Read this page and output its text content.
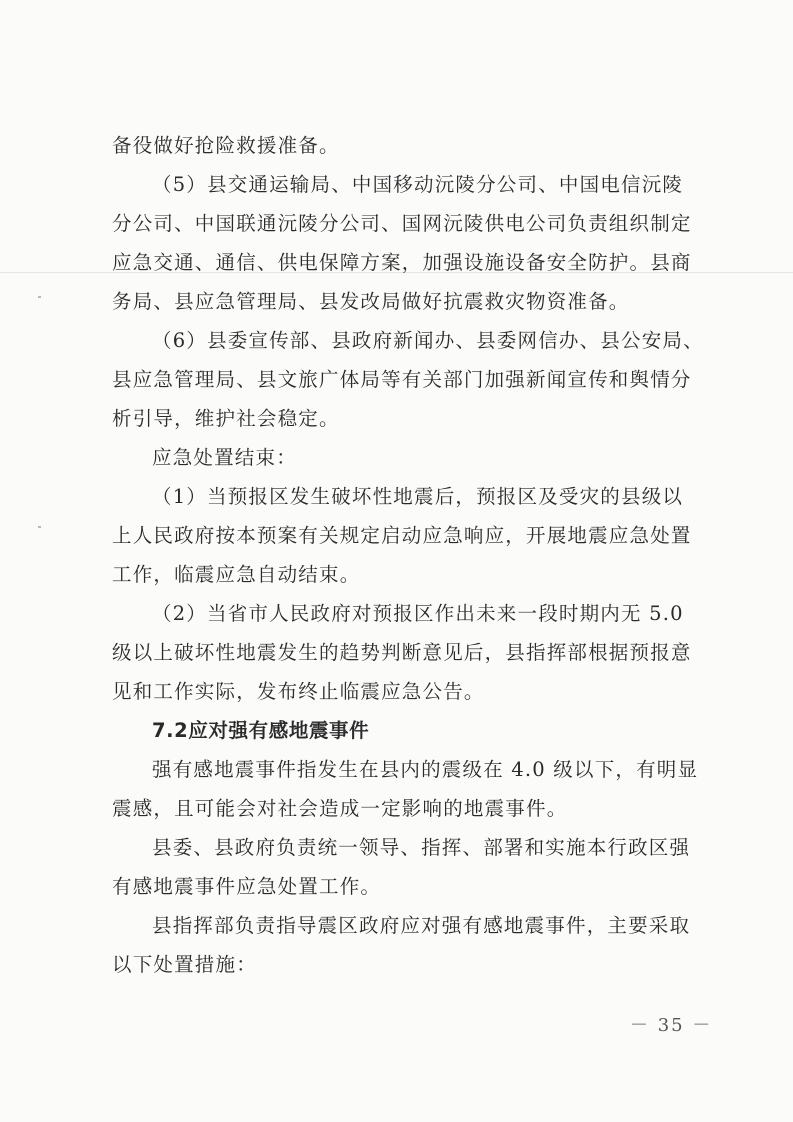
备役做好抢险救援准备。
（5）县交通运输局、中国移动沅陵分公司、中国电信沅陵
分公司、中国联通沅陵分公司、国网沅陵供电公司负责组织制定
应急交通、通信、供电保障方案，加强设施设备安全防护。县商
务局、县应急管理局、县发改局做好抗震救灾物资准备。
（6）县委宣传部、县政府新闻办、县委网信办、县公安局、
县应急管理局、县文旅广体局等有关部门加强新闻宣传和舆情分
析引导，维护社会稳定。
应急处置结束：
（1）当预报区发生破坏性地震后，预报区及受灾的县级以
上人民政府按本预案有关规定启动应急响应，开展地震应急处置
工作，临震应急自动结束。
（2）当省市人民政府对预报区作出未来一段时期内无 5.0
级以上破坏性地震发生的趋势判断意见后，县指挥部根据预报意
见和工作实际，发布终止临震应急公告。
7.2应对强有感地震事件
强有感地震事件指发生在县内的震级在 4.0 级以下，有明显
震感，且可能会对社会造成一定影响的地震事件。
县委、县政府负责统一领导、指挥、部署和实施本行政区强
有感地震事件应急处置工作。
县指挥部负责指导震区政府应对强有感地震事件，主要采取
以下处置措施：
－ 35 －
